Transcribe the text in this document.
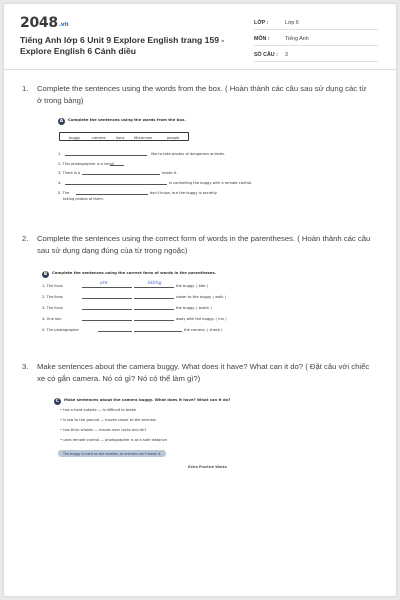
2048.vn
Tiếng Anh lớp 6 Unit 9 Explore English trang 159 - Explore English 6 Cánh diều
LỚP :	Lớp 6
MÔN :	Tiếng Anh
SỐ CÂU : 3
1. Complete the sentences using the words from the box. ( Hoàn thành các câu sau sử dụng các từ ở trong bảng)
A Complete the sentences using the words from the box.
buggy	camera	lions	McLennan	people
1.	like to take photos of dangerous animals.
2. This photographer is a small
3. There is a	inside it.
4.	is controlling the buggy with a remote control.
5. The	don't know, but the buggy is secretly
taking photos of them.
2. Complete the sentences using the correct form of words in the parentheses. ( Hoàn thành các câu sau sử dụng dạng đúng của từ trong ngoặc)
B Complete the sentences using the correct form of words in the parentheses.
1. The lions	are	biting	the buggy. ( bite )
2. The lions	closer to the buggy. ( walk )
3. The lions	the buggy. ( watch )
4. One lion	away with the buggy. ( run )
5. The photographer	the camera. ( check )
3. Make sentences about the camera buggy. What does it have? What can it do? ( Đặt câu với chiếc xe có gắn camera. Nó có gì? Nó có thể làm gì?)
C Make sentences about the camera buggy. What does it have? What can it do?
• has a hard outside — is difficult to break
• is low to the ground — moves closer to the animals
• has thick wheels — moves over rocks and dirt
• uses remote control — photographer is at a safe distance
The buggy is hard on the outside, so animals can't break it.
Extra Practice Works
